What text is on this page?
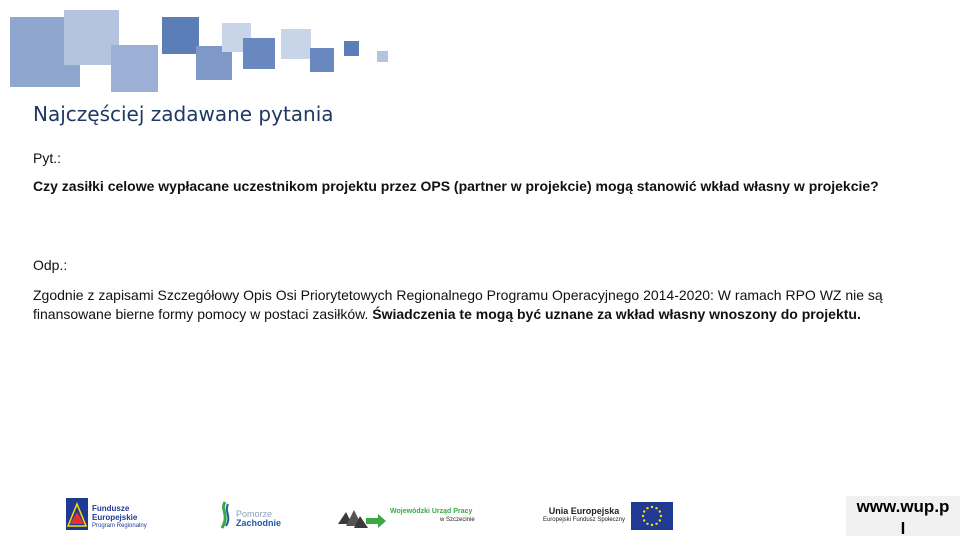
Najczęściej zadawane pytania
Pyt.:
Czy zasiłki celowe wypłacane uczestnikom projektu przez OPS (partner w projekcie) mogą stanowić wkład własny w projekcie?
Odp.:
Zgodnie z zapisami Szczegółowy Opis Osi Priorytetowych Regionalnego Programu Operacyjnego 2014-2020: W ramach RPO WZ nie są finansowane bierne formy pomocy w postaci zasiłków. Świadczenia te mogą być uznane za wkład własny wnoszony do projektu.
Fundusze
Europejskie
Program Regionalny
Pomorze
Zachodnie
Wojewódzki Urząd Pracy
w Szczecinie
Unia Europejska
Europejski Fundusz Społeczny
www.wup.p
l
